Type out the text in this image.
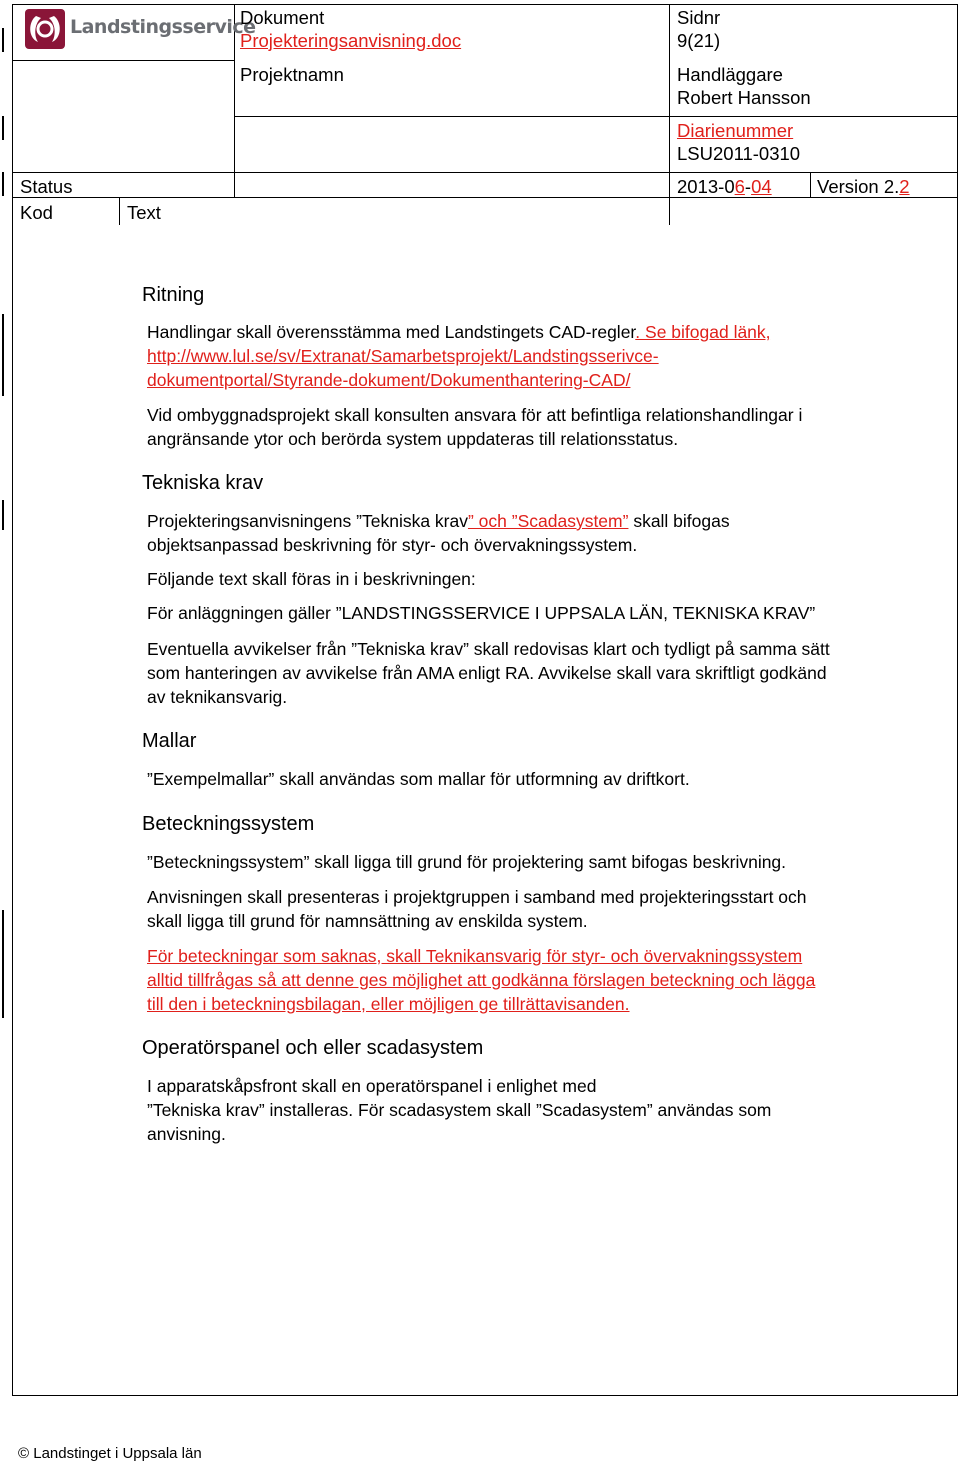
Landstingsservice
Dokument
Projekteringsanvisning.doc
Projektnamn
Sidnr
9(21)
Handläggare
Robert Hansson
Diarienummer
LSU2011-0310
Status	2013-06-04 Version 2.2
Kod	Text
Ritning
Handlingar skall överensstämma med Landstingets CAD-regler. Se bifogad länk,
http://www.lul.se/sv/Extranat/Samarbetsprojekt/Landstingsserivce-
dokumentportal/Styrande-dokument/Dokumenthantering-CAD/
Vid ombyggnadsprojekt skall konsulten ansvara för att befintliga relationshandlingar i
angränsande ytor och berörda system uppdateras till relationsstatus.
Tekniska krav
Projekteringsanvisningens ”Tekniska krav” och ”Scadasystem” skall bifogas
objektsanpassad beskrivning för styr- och övervakningssystem.
Följande text skall föras in i beskrivningen:
För anläggningen gäller ”LANDSTINGSSERVICE I UPPSALA LÄN, TEKNISKA KRAV”
Eventuella avvikelser från ”Tekniska krav” skall redovisas klart och tydligt på samma sätt
som hanteringen av avvikelse från AMA enligt RA. Avvikelse skall vara skriftligt godkänd
av teknikansvarig.
Mallar
”Exempelmallar” skall användas som mallar för utformning av driftkort.
Beteckningssystem
”Beteckningssystem” skall ligga till grund för projektering samt bifogas beskrivning.
Anvisningen skall presenteras i projektgruppen i samband med projekteringsstart och
skall ligga till grund för namnsättning av enskilda system.
För beteckningar som saknas, skall Teknikansvarig för styr- och övervakningssystem
alltid tillfrågas så att denne ges möjlighet att godkänna förslagen beteckning och lägga
till den i beteckningsbilagan, eller möjligen ge tillrättavisanden.
Operatörspanel och eller scadasystem
I apparatskåpsfront skall en operatörspanel i enlighet med
”Tekniska krav” installeras. För scadasystem skall ”Scadasystem” användas som
anvisning.
© Landstinget i Uppsala län
